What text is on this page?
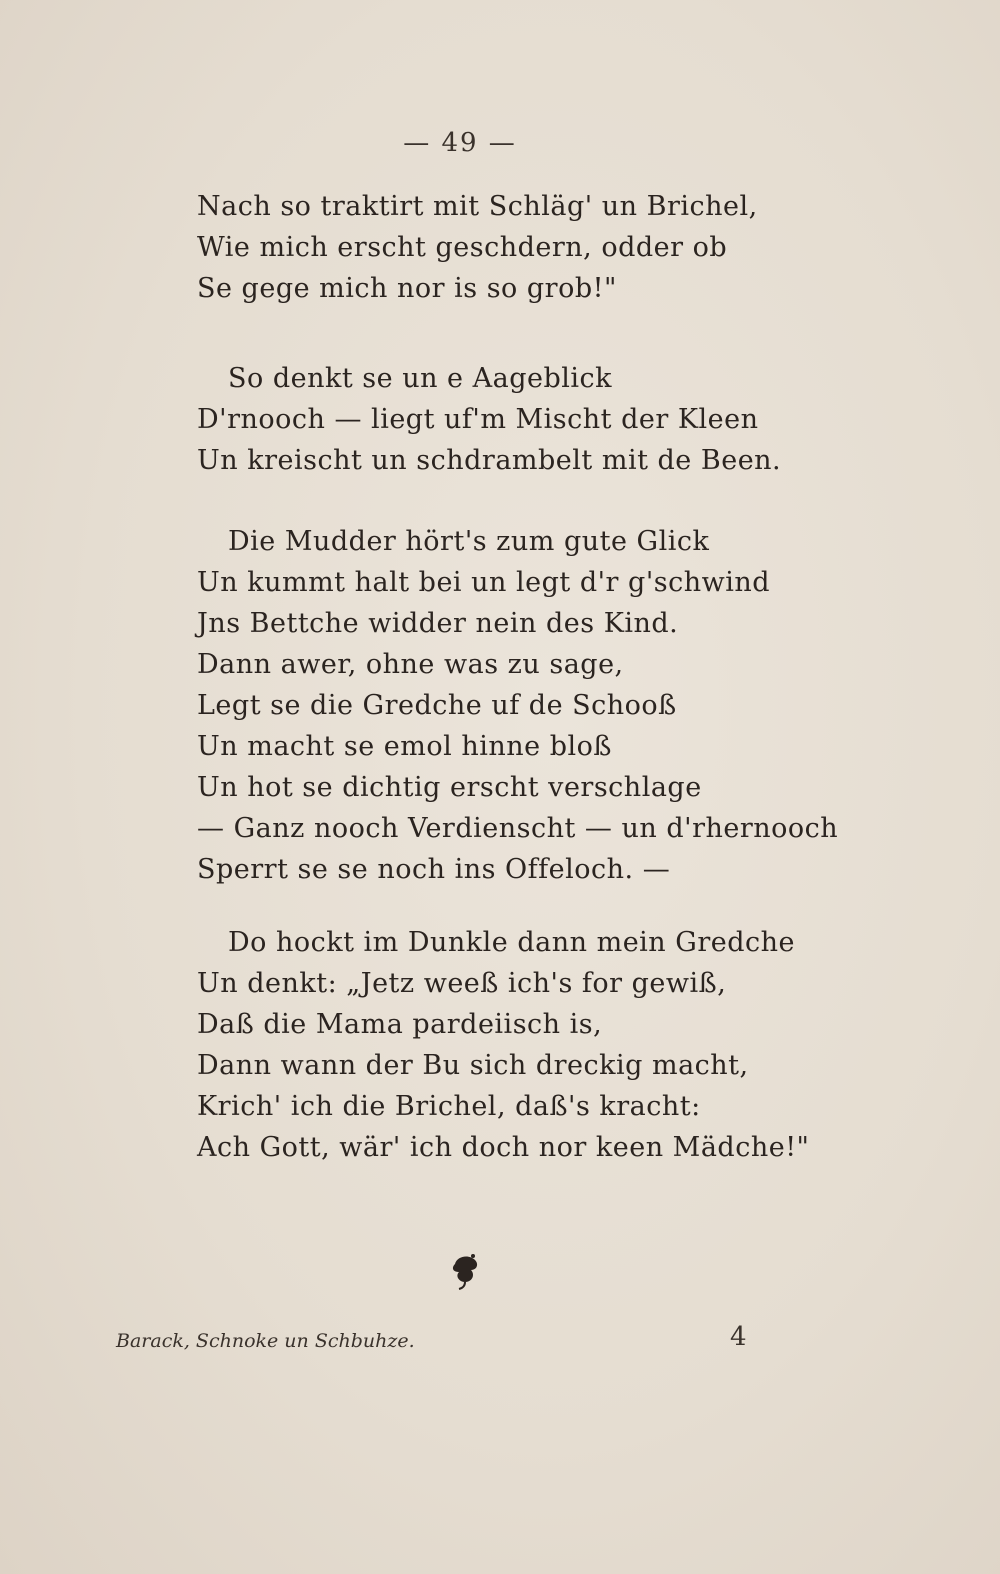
— 49 —
Nach so traktirt mit Schläg' un Brichel,
Wie mich erscht geschdern, odder ob
Se gege mich nor is so grob!"
So denkt se un e Aageblick
D'rnooch — liegt uf'm Mischt der Kleen
Un kreischt un schdrambelt mit de Been.
Die Mudder hört's zum gute Glick
Un kummt halt bei un legt d'r g'schwind
Jns Bettche widder nein des Kind.
Dann awer, ohne was zu sage,
Legt se die Gredche uf de Schooß
Un macht se emol hinne bloß
Un hot se dichtig erscht verschlage
— Ganz nooch Verdienscht — un d'rhernooch
Sperrt se se noch ins Offeloch. —
Do hockt im Dunkle dann mein Gredche
Un denkt: „Jetz weeß ich's for gewiß,
Daß die Mama pardeiisch is,
Dann wann der Bu sich dreckig macht,
Krich' ich die Brichel, daß's kracht:
Ach Gott, wär' ich doch nor keen Mädche!"
Barack, Schnoke un Schbuhze.	4
